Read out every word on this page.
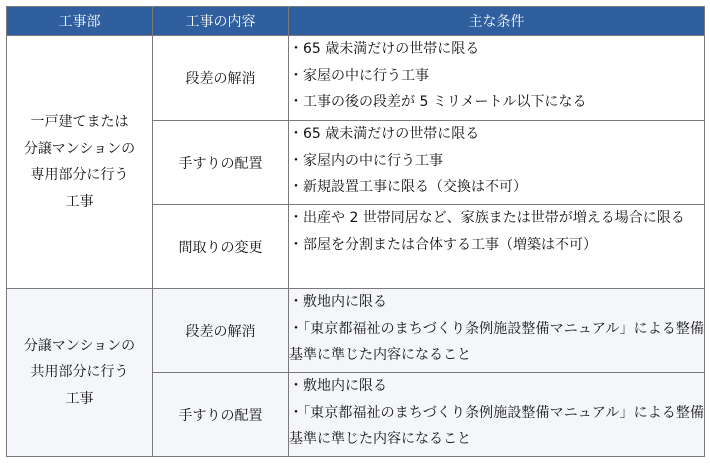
工事部	工事の内容	主な条件

一戸建てまたは
分譲マンションの
専用部分に行う
工事	段差の解消	・65 歳未満だけの世帯に限る
・家屋の中に行う工事
・工事の後の段差が 5 ミリメートル以下になる

	手すりの配置	・65 歳未満だけの世帯に限る
・家屋内の中に行う工事
・新規設置工事に限る（交換は不可）

	間取りの変更	・出産や 2 世帯同居など、家族または世帯が増える場合に限る
・部屋を分割または合体する工事（増築は不可）

分譲マンションの
共用部分に行う
工事	段差の解消	・敷地内に限る
・「東京都福祉のまちづくり条例施設整備マニュアル」による整備基準に準じた内容になること

	手すりの配置	・敷地内に限る
・「東京都福祉のまちづくり条例施設整備マニュアル」による整備基準に準じた内容になること
